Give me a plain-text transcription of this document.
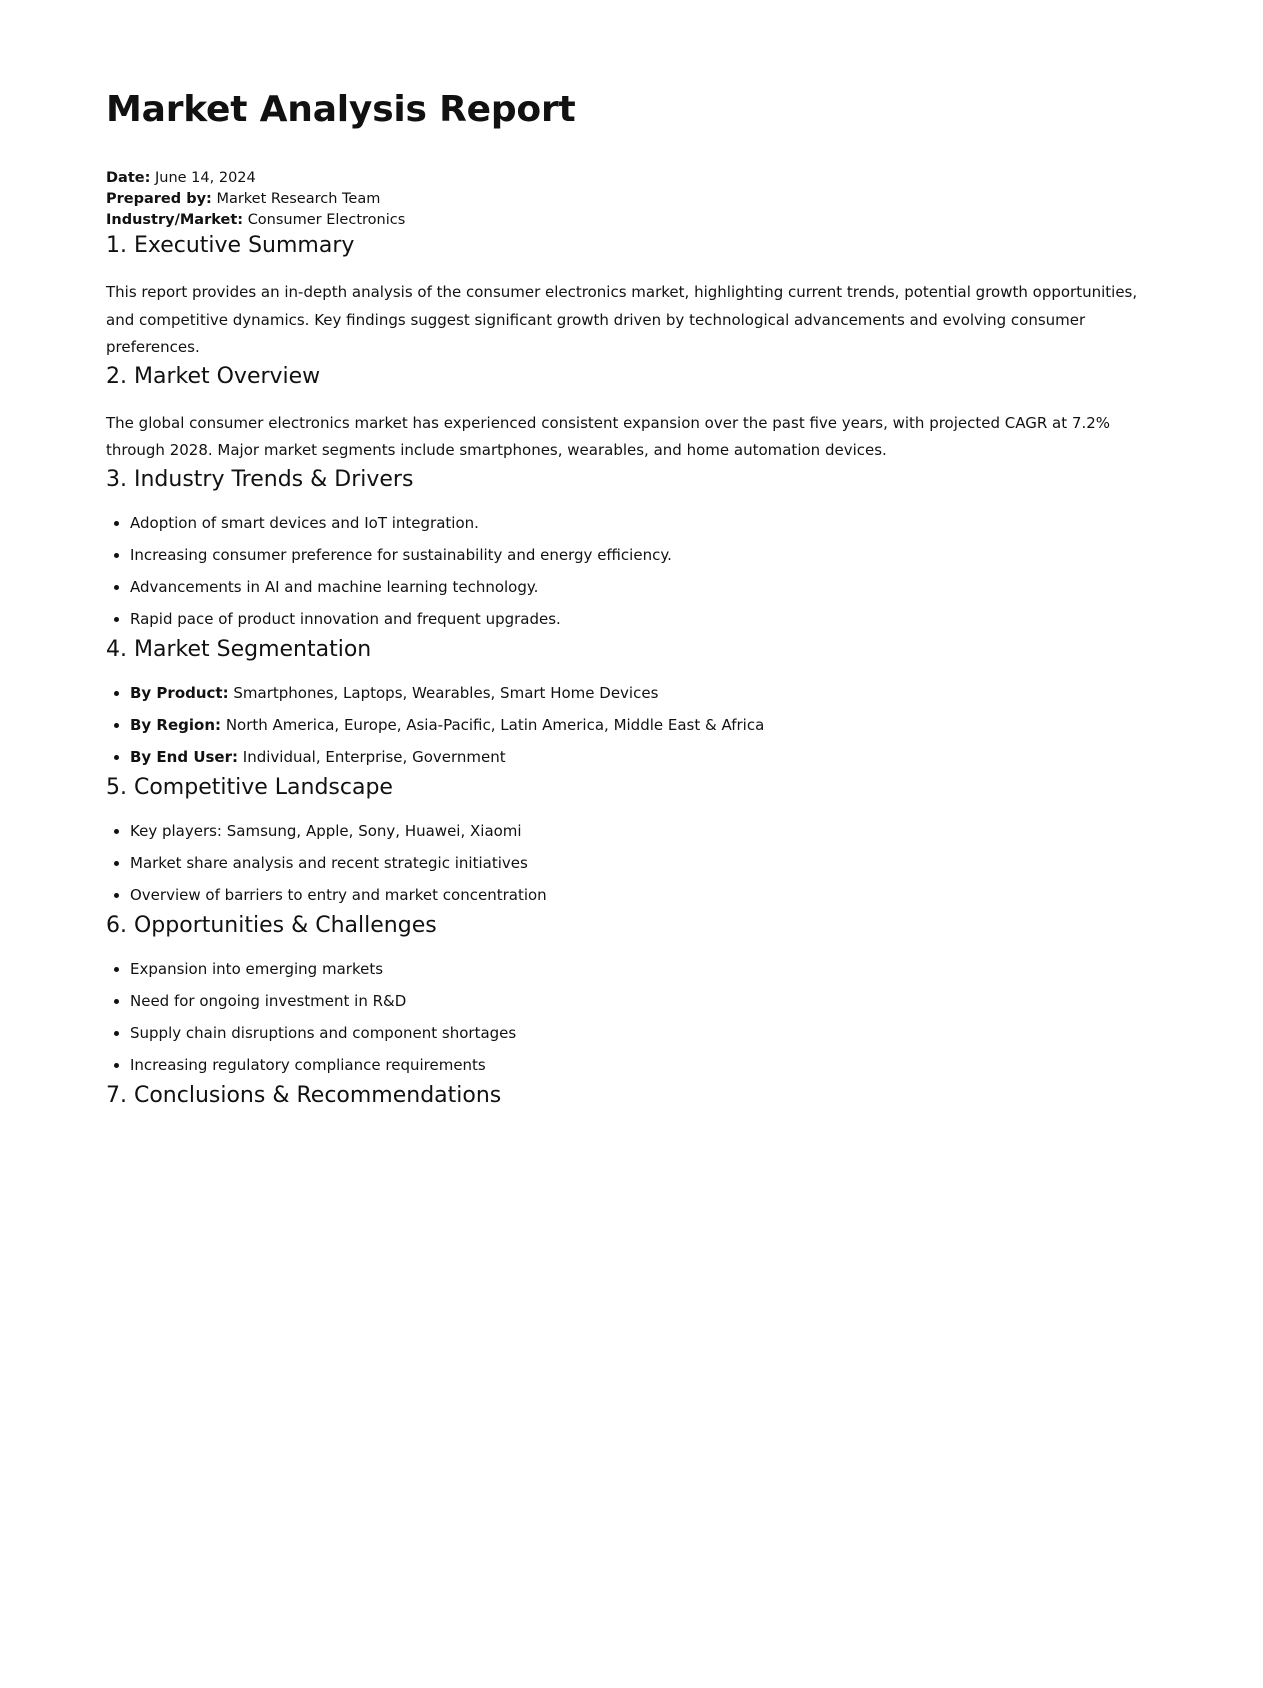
Market Analysis Report
Date: June 14, 2024
Prepared by: Market Research Team
Industry/Market: Consumer Electronics
1. Executive Summary

This report provides an in-depth analysis of the consumer electronics market, highlighting current trends, potential growth opportunities, and competitive dynamics. Key findings suggest significant growth driven by technological advancements and evolving consumer preferences.

2. Market Overview

The global consumer electronics market has experienced consistent expansion over the past five years, with projected CAGR at 7.2% through 2028. Major market segments include smartphones, wearables, and home automation devices.

3. Industry Trends & Drivers
• Adoption of smart devices and IoT integration.
• Increasing consumer preference for sustainability and energy efficiency.
• Advancements in AI and machine learning technology.
• Rapid pace of product innovation and frequent upgrades.
4. Market Segmentation
• By Product: Smartphones, Laptops, Wearables, Smart Home Devices
• By Region: North America, Europe, Asia-Pacific, Latin America, Middle East & Africa
• By End User: Individual, Enterprise, Government
5. Competitive Landscape
• Key players: Samsung, Apple, Sony, Huawei, Xiaomi
• Market share analysis and recent strategic initiatives
• Overview of barriers to entry and market concentration
6. Opportunities & Challenges
• Expansion into emerging markets
• Need for ongoing investment in R&D
• Supply chain disruptions and component shortages
• Increasing regulatory compliance requirements
7. Conclusions & Recommendations
